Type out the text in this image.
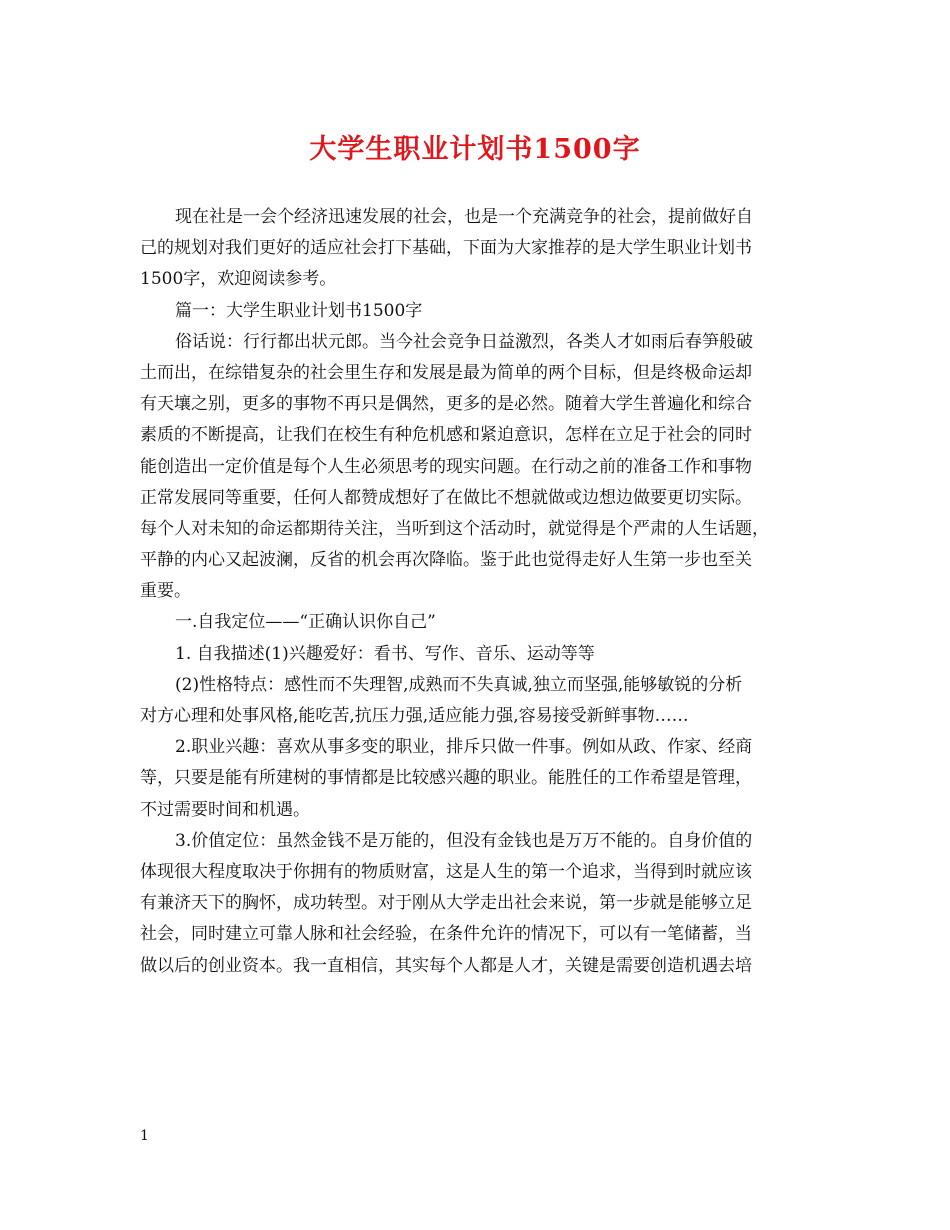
大学生职业计划书1500字
现在社是一会个经济迅速发展的社会，也是一个充满竞争的社会，提前做好自
己的规划对我们更好的适应社会打下基础，下面为大家推荐的是大学生职业计划书
1500字，欢迎阅读参考。
篇一：大学生职业计划书1500字
俗话说：行行都出状元郎。当今社会竞争日益激烈，各类人才如雨后春笋般破
土而出，在综错复杂的社会里生存和发展是最为简单的两个目标，但是终极命运却
有天壤之别，更多的事物不再只是偶然，更多的是必然。随着大学生普遍化和综合
素质的不断提高，让我们在校生有种危机感和紧迫意识，怎样在立足于社会的同时
能创造出一定价值是每个人生必须思考的现实问题。在行动之前的准备工作和事物
正常发展同等重要，任何人都赞成想好了在做比不想就做或边想边做要更切实际。
每个人对未知的命运都期待关注，当听到这个活动时，就觉得是个严肃的人生话题，
平静的内心又起波澜，反省的机会再次降临。鉴于此也觉得走好人生第一步也至关
重要。
一.自我定位——“正确认识你自己”
1. 自我描述(1)兴趣爱好：看书、写作、音乐、运动等等
(2)性格特点：感性而不失理智,成熟而不失真诚,独立而坚强,能够敏锐的分析
对方心理和处事风格,能吃苦,抗压力强,适应能力强,容易接受新鲜事物……
2.职业兴趣：喜欢从事多变的职业，排斥只做一件事。例如从政、作家、经商
等，只要是能有所建树的事情都是比较感兴趣的职业。能胜任的工作希望是管理，
不过需要时间和机遇。
3.价值定位：虽然金钱不是万能的，但没有金钱也是万万不能的。自身价值的
体现很大程度取决于你拥有的物质财富，这是人生的第一个追求，当得到时就应该
有兼济天下的胸怀，成功转型。对于刚从大学走出社会来说，第一步就是能够立足
社会，同时建立可靠人脉和社会经验，在条件允许的情况下，可以有一笔储蓄，当
做以后的创业资本。我一直相信，其实每个人都是人才，关键是需要创造机遇去培
1
